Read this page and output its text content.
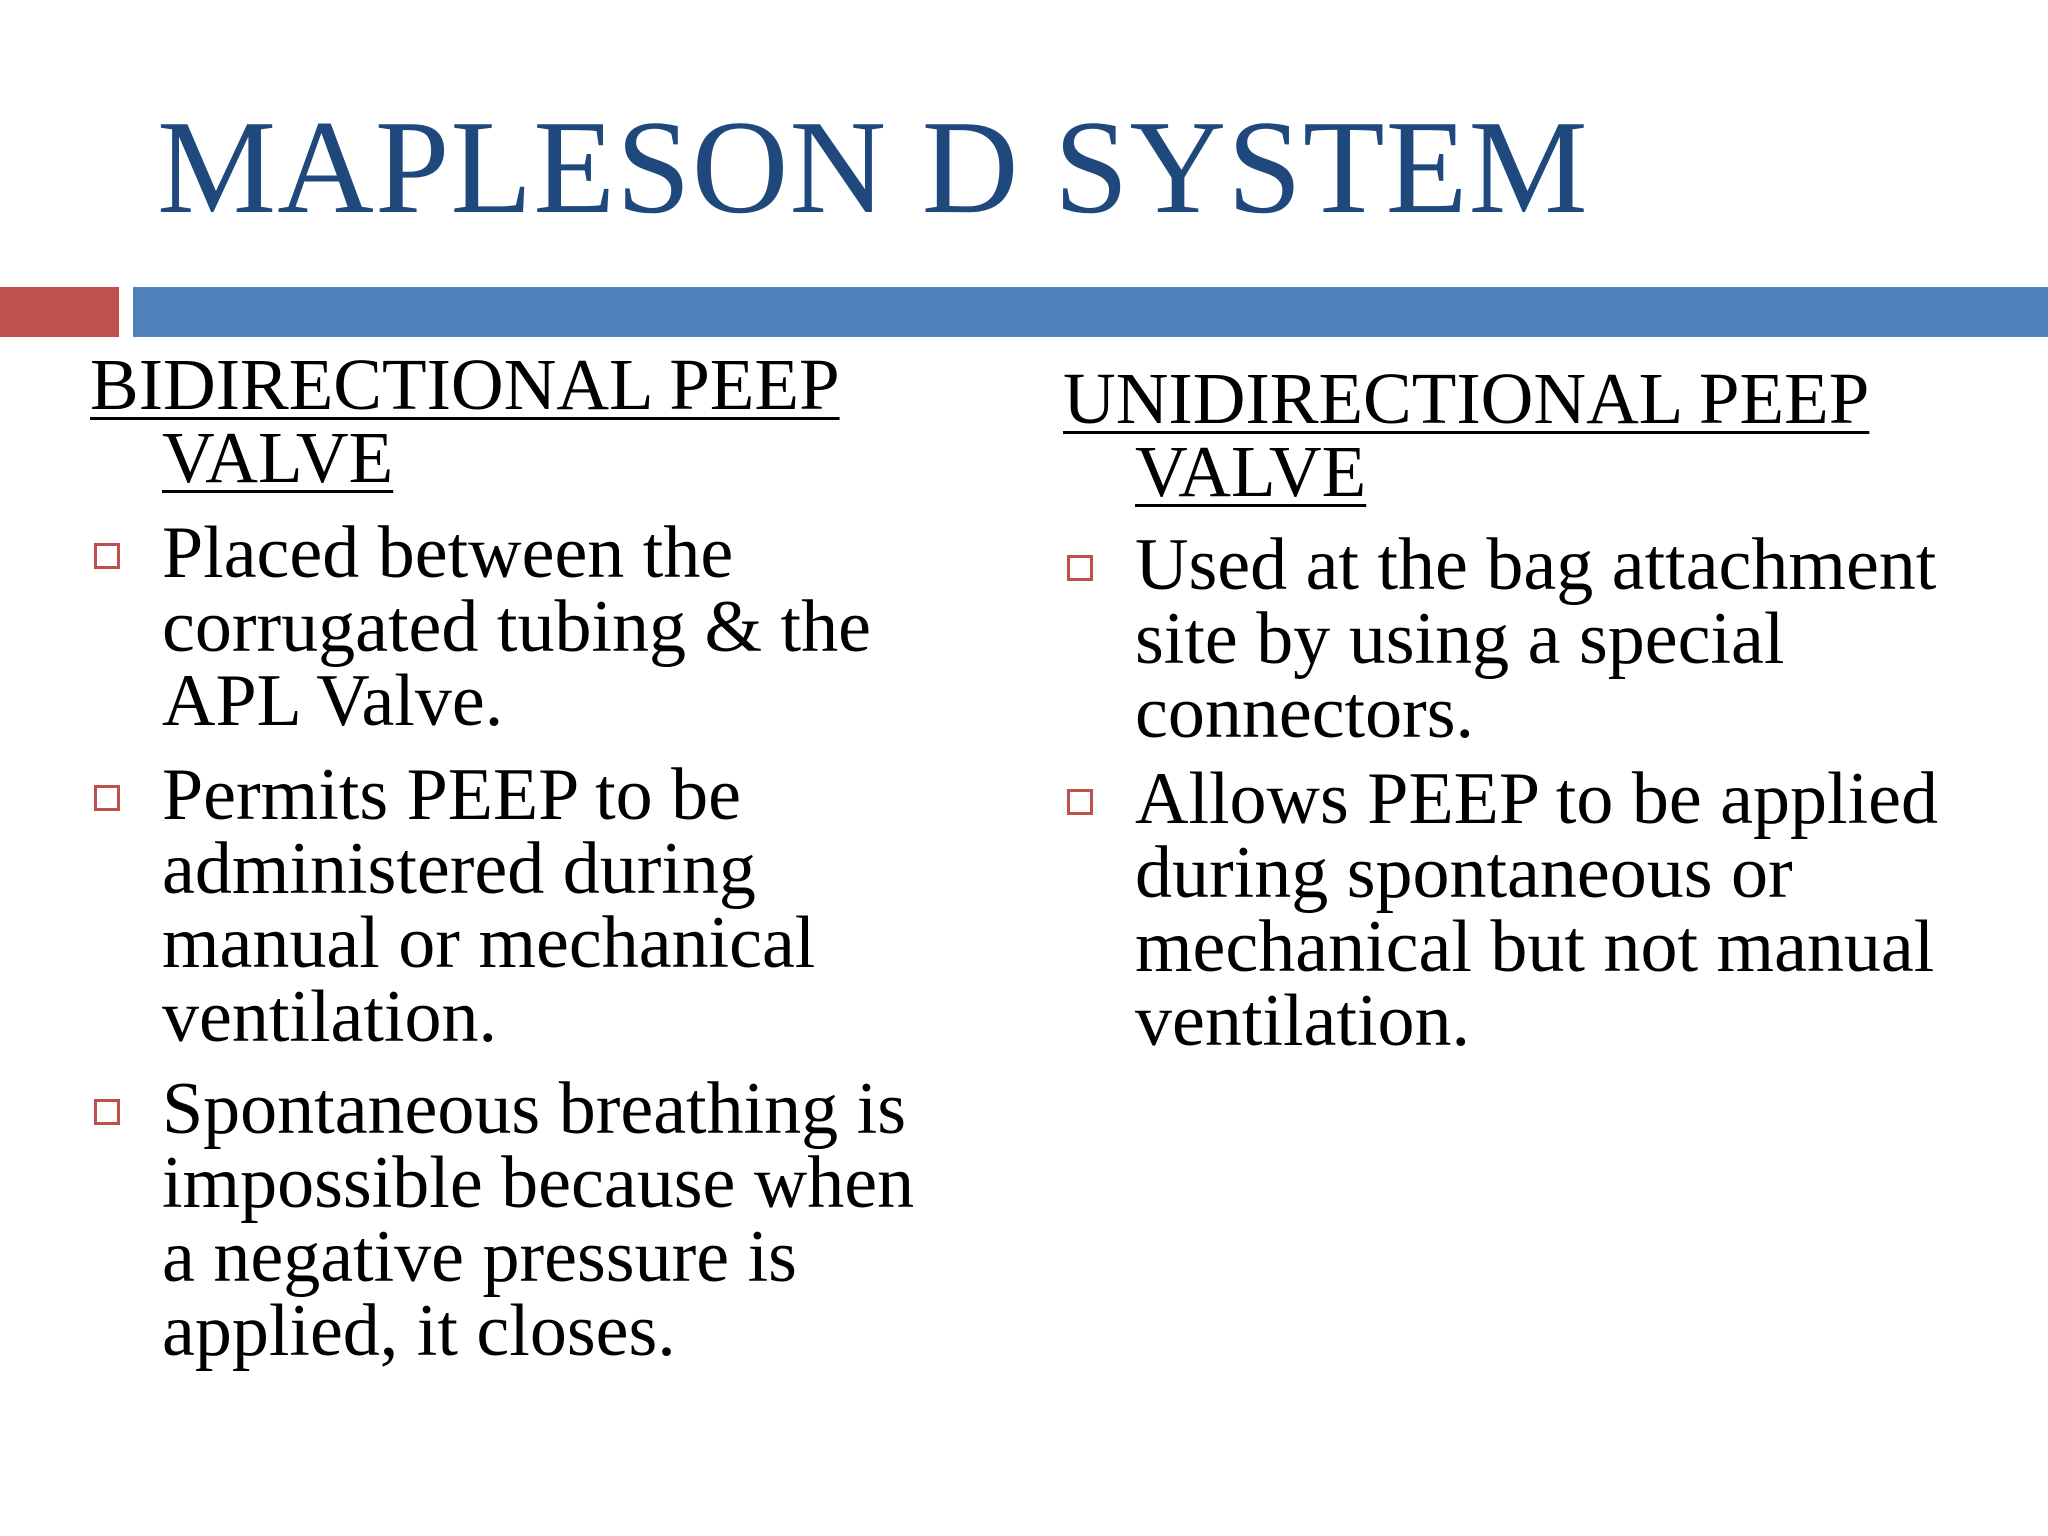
MAPLESON D SYSTEM
BIDIRECTIONAL PEEP
VALVE
Placed between the
corrugated tubing & the
APL Valve.
Permits PEEP to be
administered during
manual or mechanical
ventilation.
Spontaneous breathing is
impossible because when
a negative pressure is
applied, it closes.
UNIDIRECTIONAL PEEP
VALVE
Used at the bag attachment
site by using a special
connectors.
Allows PEEP to be applied
during spontaneous or
mechanical but not manual
ventilation.
